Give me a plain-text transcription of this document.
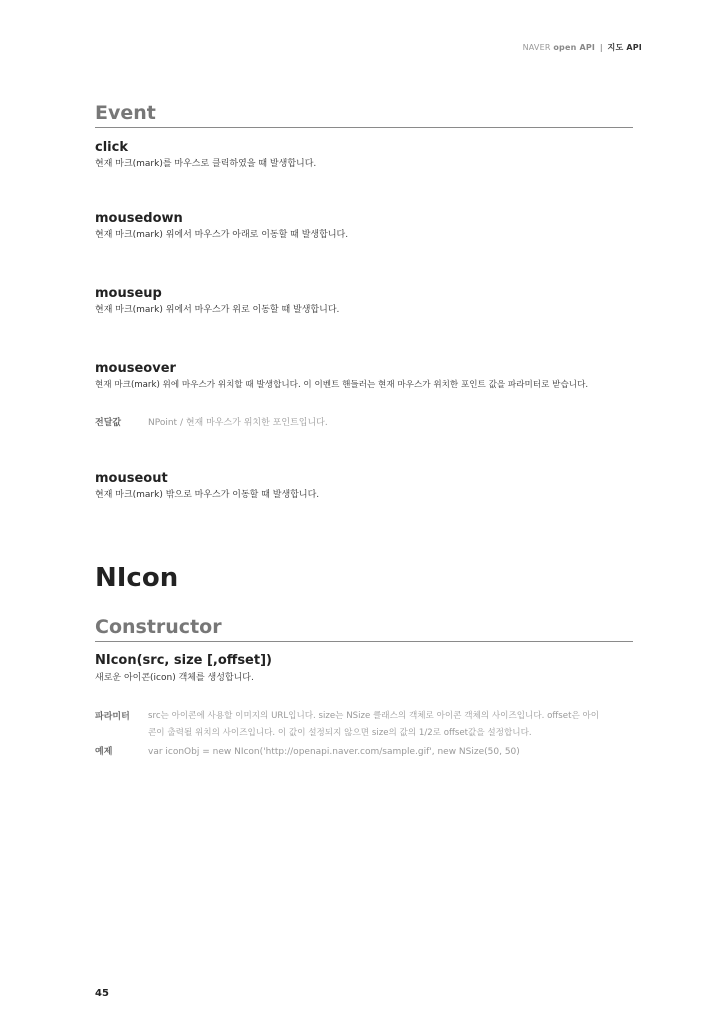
NAVER open API | 지도 API
Event
click
현재 마크(mark)를 마우스로 클릭하였을 때 발생합니다.
mousedown
현재 마크(mark) 위에서 마우스가 아래로 이동할 때 발생합니다.
mouseup
현재 마크(mark) 위에서 마우스가 위로 이동할 때 발생합니다.
mouseover
현재 마크(mark) 위에 마우스가 위치할 때 발생합니다. 이 이벤트 핸들러는 현재 마우스가 위치한 포인트 값을 파라미터로 받습니다.
전달값	NPoint / 현재 마우스가 위치한 포인트입니다.
mouseout
현재 마크(mark) 밖으로 마우스가 이동할 때 발생합니다.
NIcon
Constructor
NIcon(src, size [,offset])
새로운 아이콘(icon) 객체를 생성합니다.
파라미터 src는 아이콘에 사용할 이미지의 URL입니다. size는 NSize 클래스의 객체로 아이콘 객체의 사이즈입니다. offset은 아이
콘이 출력될 위치의 사이즈입니다. 이 값이 설정되지 않으면 size의 값의 1/2로 offset값을 설정합니다.
예제	var iconObj = new NIcon('http://openapi.naver.com/sample.gif', new NSize(50, 50)
45
